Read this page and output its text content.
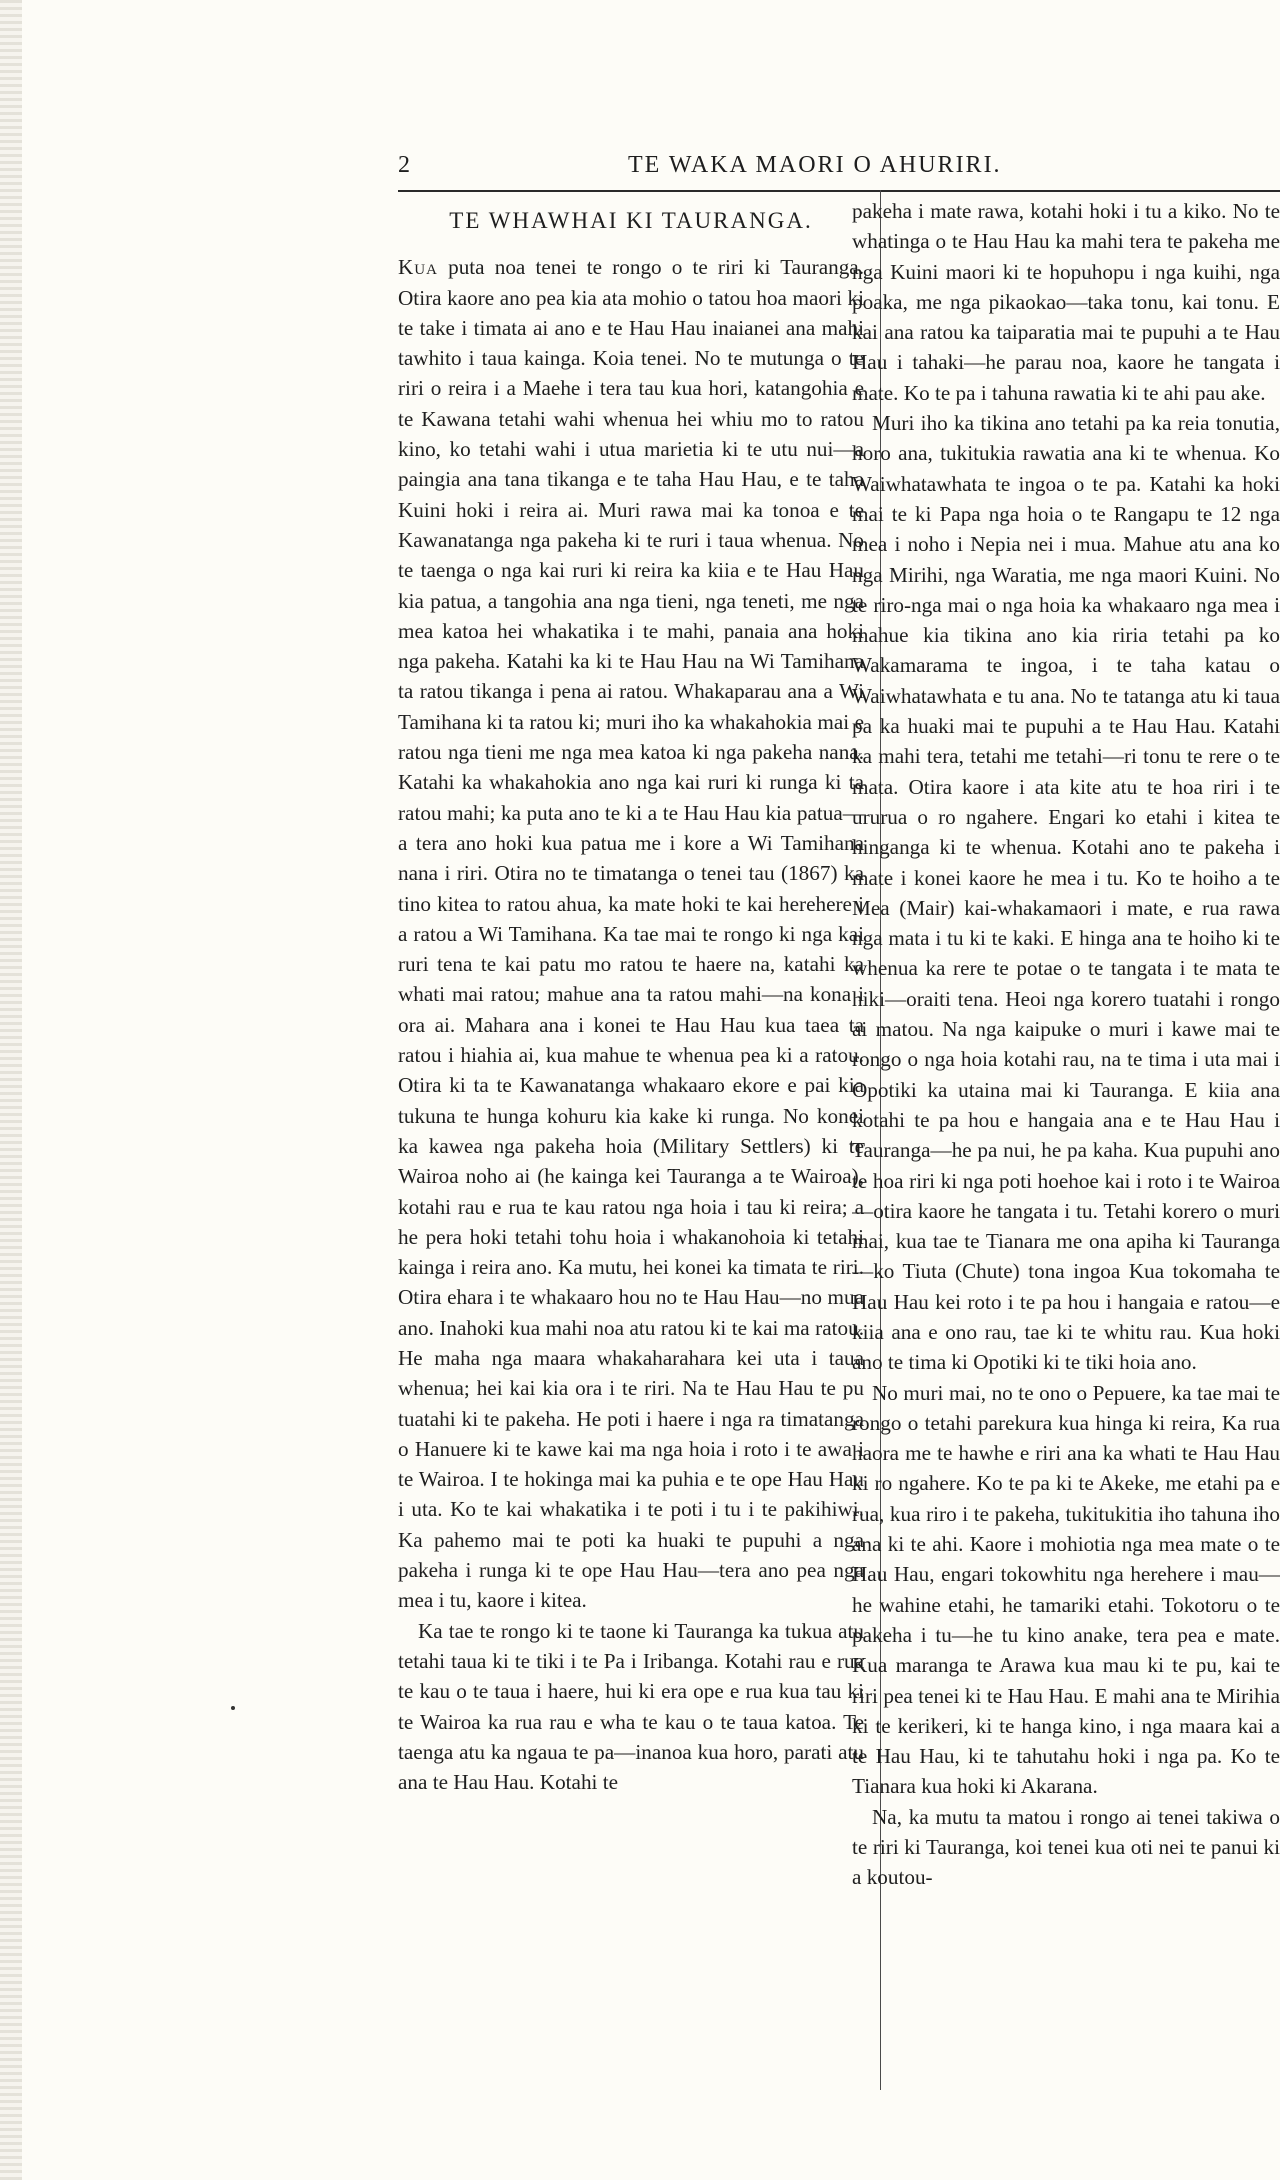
2	TE WAKA MAORI O AHURIRI.
TE WHAWHAI KI TAURANGA.

Kua puta noa tenei te rongo o te riri ki Tauranga. Otira kaore ano pea kia ata mohio o tatou hoa maori ki te take i timata ai ano e te Hau Hau inaianei ana mahi tawhito i taua kainga. Koia tenei. No te mutunga o te riri o reira i a Maehe i tera tau kua hori, katangohia e te Kawana tetahi wahi whenua hei whiu mo to ratou kino, ko tetahi wahi i utua marietia ki te utu nui—a paingia ana tana tikanga e te taha Hau Hau, e te taha Kuini hoki i reira ai. Muri rawa mai ka tonoa e te Kawanatanga nga pakeha ki te ruri i taua whenua. No te taenga o nga kai ruri ki reira ka kiia e te Hau Hau kia patua, a tangohia ana nga tieni, nga teneti, me nga mea katoa hei whakatika i te mahi, panaia ana hoki nga pakeha. Katahi ka ki te Hau Hau na Wi Tamihana ta ratou tikanga i pena ai ratou. Whakaparau ana a Wi Tamihana ki ta ratou ki; muri iho ka whakahokia mai e ratou nga tieni me nga mea katoa ki nga pakeha nana. Katahi ka whakahokia ano nga kai ruri ki runga ki ta ratou mahi; ka puta ano te ki a te Hau Hau kia patua—a tera ano hoki kua patua me i kore a Wi Tamihana nana i riri. Otira no te timatanga o tenei tau (1867) ka tino kitea to ratou ahua, ka mate hoki te kai herehere i a ratou a Wi Tamihana. Ka tae mai te rongo ki nga kai ruri tena te kai patu mo ratou te haere na, katahi ka whati mai ratou; mahue ana ta ratou mahi—na kona i ora ai. Mahara ana i konei te Hau Hau kua taea ta ratou i hiahia ai, kua mahue te whenua pea ki a ratou. Otira ki ta te Kawanatanga whakaaro ekore e pai kia tukuna te hunga kohuru kia kake ki runga. No konei ka kawea nga pakeha hoia (Military Settlers) ki te Wairoa noho ai (he kainga kei Tauranga a te Wairoa), kotahi rau e rua te kau ratou nga hoia i tau ki reira; a he pera hoki tetahi tohu hoia i whakanohoia ki tetahi kainga i reira ano. Ka mutu, hei konei ka timata te riri. Otira ehara i te whakaaro hou no te Hau Hau—no mua ano. Inahoki kua mahi noa atu ratou ki te kai ma ratou. He maha nga maara whakaharahara kei uta i taua whenua; hei kai kia ora i te riri. Na te Hau Hau te pu tuatahi ki te pakeha. He poti i haere i nga ra timatanga o Hanuere ki te kawe kai ma nga hoia i roto i te awa i te Wairoa. I te hokinga mai ka puhia e te ope Hau Hau i uta. Ko te kai whakatika i te poti i tu i te pakihiwi. Ka pahemo mai te poti ka huaki te pupuhi a nga pakeha i runga ki te ope Hau Hau—tera ano pea nga mea i tu, kaore i kitea.

Ka tae te rongo ki te taone ki Tauranga ka tukua atu tetahi taua ki te tiki i te Pa i Iribanga. Kotahi rau e rua te kau o te taua i haere, hui ki era ope e rua kua tau ki te Wairoa ka rua rau e wha te kau o te taua katoa. Te taenga atu ka ngaua te pa—inanoa kua horo, parati atu ana te Hau Hau. Kotahi te

pakeha i mate rawa, kotahi hoki i tu a kiko. No te whatinga o te Hau Hau ka mahi tera te pakeha me nga Kuini maori ki te hopuhopu i nga kuihi, nga poaka, me nga pikaokao—taka tonu, kai tonu. E kai ana ratou ka taiparatia mai te pupuhi a te Hau Hau i tahaki—he parau noa, kaore he tangata i mate. Ko te pa i tahuna rawatia ki te ahi pau ake.

Muri iho ka tikina ano tetahi pa ka reia tonutia, horo ana, tukitukia rawatia ana ki te whenua. Ko Waiwhatawhata te ingoa o te pa. Katahi ka hoki mai te ki Papa nga hoia o te Rangapu te 12 nga mea i noho i Nepia nei i mua. Mahue atu ana ko nga Mirihi, nga Waratia, me nga maori Kuini. No te riro-nga mai o nga hoia ka whakaaro nga mea i mahue kia tikina ano kia riria tetahi pa ko Wakamarama te ingoa, i te taha katau o Waiwhatawhata e tu ana. No te tatanga atu ki taua pa ka huaki mai te pupuhi a te Hau Hau. Katahi ka mahi tera, tetahi me tetahi—ri tonu te rere o te mata. Otira kaore i ata kite atu te hoa riri i te ururua o ro ngahere. Engari ko etahi i kitea te hinganga ki te whenua. Kotahi ano te pakeha i mate i konei kaore he mea i tu. Ko te hoiho a te Mea (Mair) kai-whakamaori i mate, e rua rawa nga mata i tu ki te kaki. E hinga ana te hoiho ki te whenua ka rere te potae o te tangata i te mata te hiki—oraiti tena. Heoi nga korero tuatahi i rongo ai matou. Na nga kaipuke o muri i kawe mai te rongo o nga hoia kotahi rau, na te tima i uta mai i Opotiki ka utaina mai ki Tauranga. E kiia ana kotahi te pa hou e hangaia ana e te Hau Hau i Tauranga—he pa nui, he pa kaha. Kua pupuhi ano te hoa riri ki nga poti hoehoe kai i roto i te Wairoa—otira kaore he tangata i tu. Tetahi korero o muri mai, kua tae te Tianara me ona apiha ki Tauranga—ko Tiuta (Chute) tona ingoa Kua tokomaha te Hau Hau kei roto i te pa hou i hangaia e ratou—e kiia ana e ono rau, tae ki te whitu rau. Kua hoki ano te tima ki Opotiki ki te tiki hoia ano.

No muri mai, no te ono o Pepuere, ka tae mai te rongo o tetahi parekura kua hinga ki reira, Ka rua haora me te hawhe e riri ana ka whati te Hau Hau ki ro ngahere. Ko te pa ki te Akeke, me etahi pa e rua, kua riro i te pakeha, tukitukitia iho tahuna iho ana ki te ahi. Kaore i mohiotia nga mea mate o te Hau Hau, engari tokowhitu nga herehere i mau—he wahine etahi, he tamariki etahi. Tokotoru o te pakeha i tu—he tu kino anake, tera pea e mate. Kua maranga te Arawa kua mau ki te pu, kai te riri pea tenei ki te Hau Hau. E mahi ana te Mirihia ki te kerikeri, ki te hanga kino, i nga maara kai a te Hau Hau, ki te tahutahu hoki i nga pa. Ko te Tianara kua hoki ki Akarana.

Na, ka mutu ta matou i rongo ai tenei takiwa o te riri ki Tauranga, koi tenei kua oti nei te panui ki a koutou-
